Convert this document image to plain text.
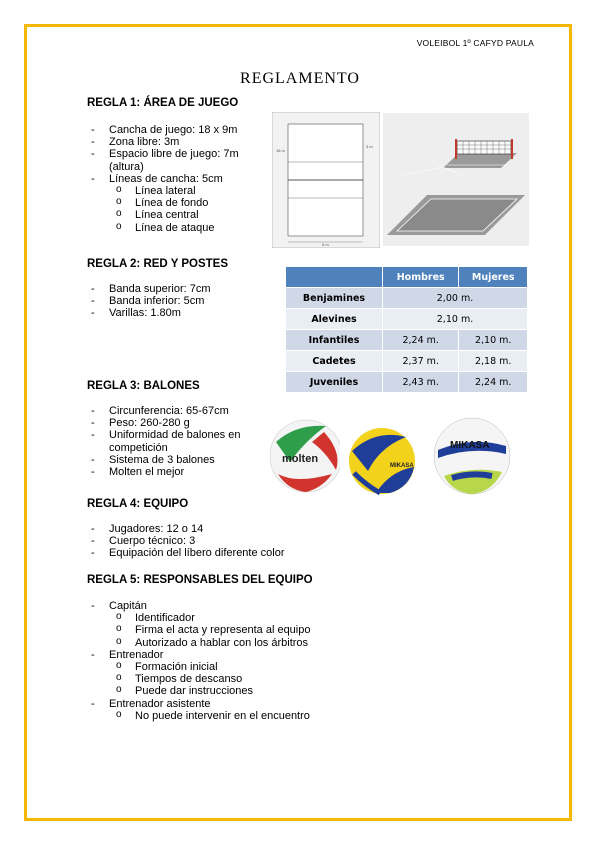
VOLEIBOL 1º CAFYD PAULA
REGLAMENTO
REGLA 1: ÁREA DE JUEGO
- Cancha de juego: 18 x 9m
- Zona libre: 3m
- Espacio libre de juego: 7m (altura)
- Líneas de cancha: 5cm
o Línea lateral
o Línea de fondo
o Línea central
o Línea de ataque
9 m
18 m
3 m
REGLA 2: RED Y POSTES
- Banda superior: 7cm
- Banda inferior: 5cm
- Varillas: 1.80m
	Hombres	Mujeres
Benjamines	2,00 m.	
Alevines	2,10 m.	
Infantiles	2,24 m.	2,10 m.
Cadetes	2,37 m.	2,18 m.
Juveniles	2,43 m.	2,24 m.
REGLA 3: BALONES
- Circunferencia: 65-67cm
- Peso: 260-280 g
- Uniformidad de balones en competición
- Sistema de 3 balones
- Molten el mejor
molten
MIKASA
MIKASA
REGLA 4: EQUIPO
- Jugadores: 12 o 14
- Cuerpo técnico: 3
- Equipación del líbero diferente color
REGLA 5: RESPONSABLES DEL EQUIPO
- Capitán
o Identificador
o Firma el acta y representa al equipo
o Autorizado a hablar con los árbitros
- Entrenador
o Formación inicial
o Tiempos de descanso
o Puede dar instrucciones
- Entrenador asistente
o No puede intervenir en el encuentro
